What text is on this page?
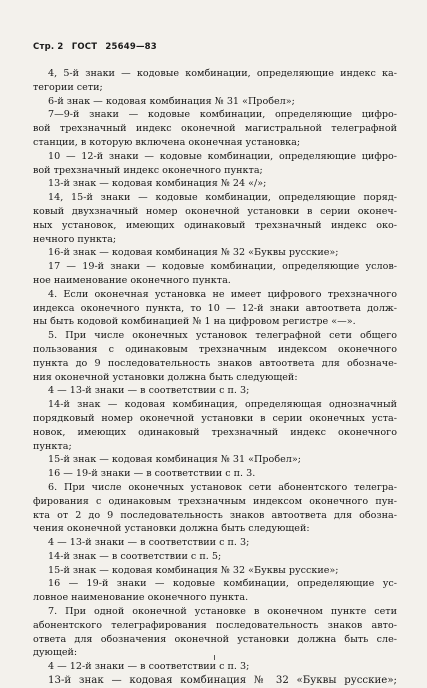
Стр. 2 ГОСТ 25649—83
4, 5-й знаки — кодовые комбинации, определяющие индекс ка-
тегории сети;
6-й знак — кодовая комбинация № 31 «Пробел»;
7—9-й знаки — кодовые комбинации, определяющие цифро-
вой трехзначный индекс оконечной магистральной телеграфной
станции, в которую включена оконечная установка;
10 — 12-й знаки — кодовые комбинации, определяющие цифро-
вой трехзначный индекс оконечного пункта;
13-й знак — кодовая комбинация № 24 «/»;
14, 15-й знаки — кодовые комбинации, определяющие поряд-
ковый двухзначный номер оконечной установки в серии оконеч-
ных установок, имеющих одинаковый трехзначный индекс око-
нечного пункта;
16-й знак — кодовая комбинация № 32 «Буквы русские»;
17 — 19-й знаки — кодовые комбинации, определяющие услов-
ное наименование оконечного пункта.
4. Если оконечная установка не имеет цифрового трехзначного
индекса оконечного пункта, то 10 — 12-й знаки автоответа долж-
ны быть кодовой комбинацией № 1 на цифровом регистре «—».
5. При числе оконечных установок телеграфной сети общего
пользования с одинаковым трехзначным индексом оконечного
пункта до 9 последовательность знаков автоответа для обозначе-
ния оконечной установки должна быть следующей:
4 — 13-й знаки — в соответствии с п. 3;
14-й знак — кодовая комбинация, определяющая однозначный
порядковый номер оконечной установки в серии оконечных уста-
новок, имеющих одинаковый трехзначный индекс оконечного
пункта;
15-й знак — кодовая комбинация № 31 «Пробел»;
16 — 19-й знаки — в соответствии с п. 3.
6. При числе оконечных установок сети абонентского телегра-
фирования с одинаковым трехзначным индексом оконечного пун-
кта от 2 до 9 последовательность знаков автоответа для обозна-
чения оконечной установки должна быть следующей:
4 — 13-й знаки — в соответствии с п. 3;
14-й знак — в соответствии с п. 5;
15-й знак — кодовая комбинация № 32 «Буквы русские»;
16 — 19-й знаки — кодовые комбинации, определяющие ус-
ловное наименование оконечного пункта.
7. При одной оконечной установке в оконечном пункте сети
абонентского телеграфирования последовательность знаков авто-
ответа для обозначения оконечной установки должна быть сле-
дующей:
4 — 12-й знаки — в соответствии с п. 3;
13-й знак — кодовая комбинация № 32 «Буквы русские»;
